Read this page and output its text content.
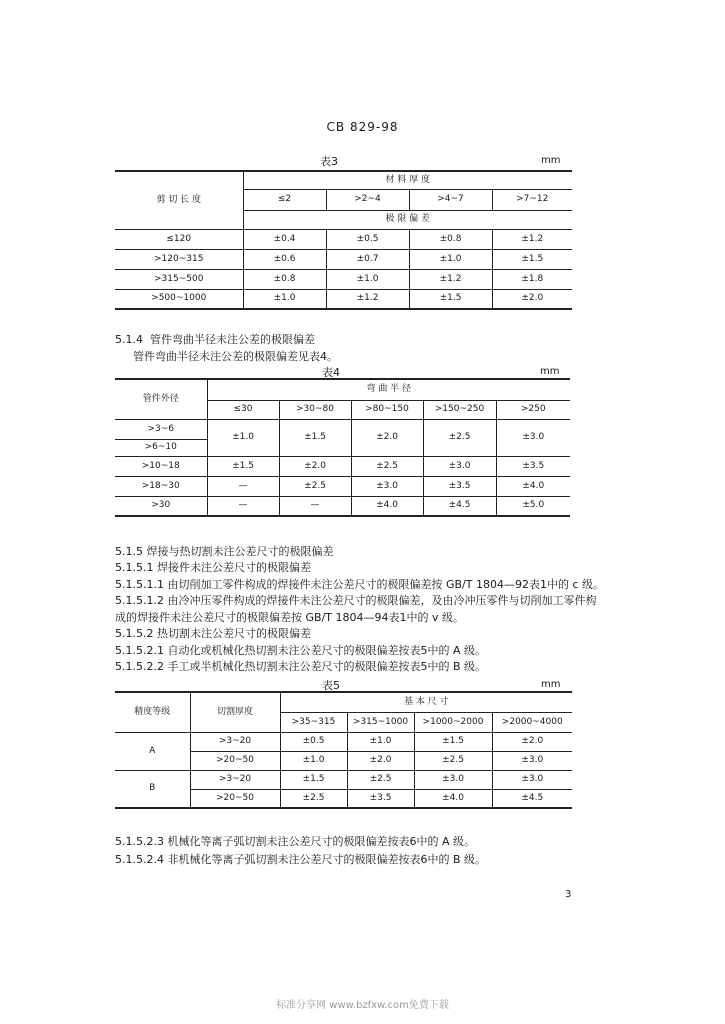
CB 829-98
表3	mm
剪 切 长 度	材 料 厚 度			
	≤2	>2~4	>4~7	>7~12
	极 限 偏 差			
≤120	±0.4	±0.5	±0.8	±1.2
>120~315	±0.6	±0.7	±1.0	±1.5
>315~500	±0.8	±1.0	±1.2	±1.8
>500~1000	±1.0	±1.2	±1.5	±2.0
5.1.4 管件弯曲半径未注公差的极限偏差
管件弯曲半径未注公差的极限偏差见表4。
表4	mm
管件外径	弯 曲 半 径				
	≤30	>30~80	>80~150	>150~250	>250
>3~6	±1.0	±1.5	±2.0	±2.5	±3.0
>6~10					
>10~18	±1.5	±2.0	±2.5	±3.0	±3.5
>18~30	—	±2.5	±3.0	±3.5	±4.0
>30	—	—	±4.0	±4.5	±5.0
5.1.5 焊接与热切割未注公差尺寸的极限偏差
5.1.5.1 焊接件未注公差尺寸的极限偏差
5.1.5.1.1 由切削加工零件构成的焊接件未注公差尺寸的极限偏差按 GB/T 1804—92表1中的 c 级。
5.1.5.1.2 由冷冲压零件构成的焊接件未注公差尺寸的极限偏差，及由冷冲压零件与切削加工零件构
成的焊接件未注公差尺寸的极限偏差按 GB/T 1804—94表1中的 v 级。
5.1.5.2 热切割未注公差尺寸的极限偏差
5.1.5.2.1 自动化或机械化热切割未注公差尺寸的极限偏差按表5中的 A 级。
5.1.5.2.2 手工或半机械化热切割未注公差尺寸的极限偏差按表5中的 B 级。
表5	mm
精度等级	切割厚度	基 本 尺 寸			
		>35~315	>315~1000	>1000~2000	>2000~4000
A	>3~20	±0.5	±1.0	±1.5	±2.0
	>20~50	±1.0	±2.0	±2.5	±3.0
B	>3~20	±1.5	±2.5	±3.0	±3.0
	>20~50	±2.5	±3.5	±4.0	±4.5
5.1.5.2.3 机械化等离子弧切割未注公差尺寸的极限偏差按表6中的 A 级。
5.1.5.2.4 非机械化等离子弧切割未注公差尺寸的极限偏差按表6中的 B 级。
3
标准分享网 www.bzfxw.com免费下载
